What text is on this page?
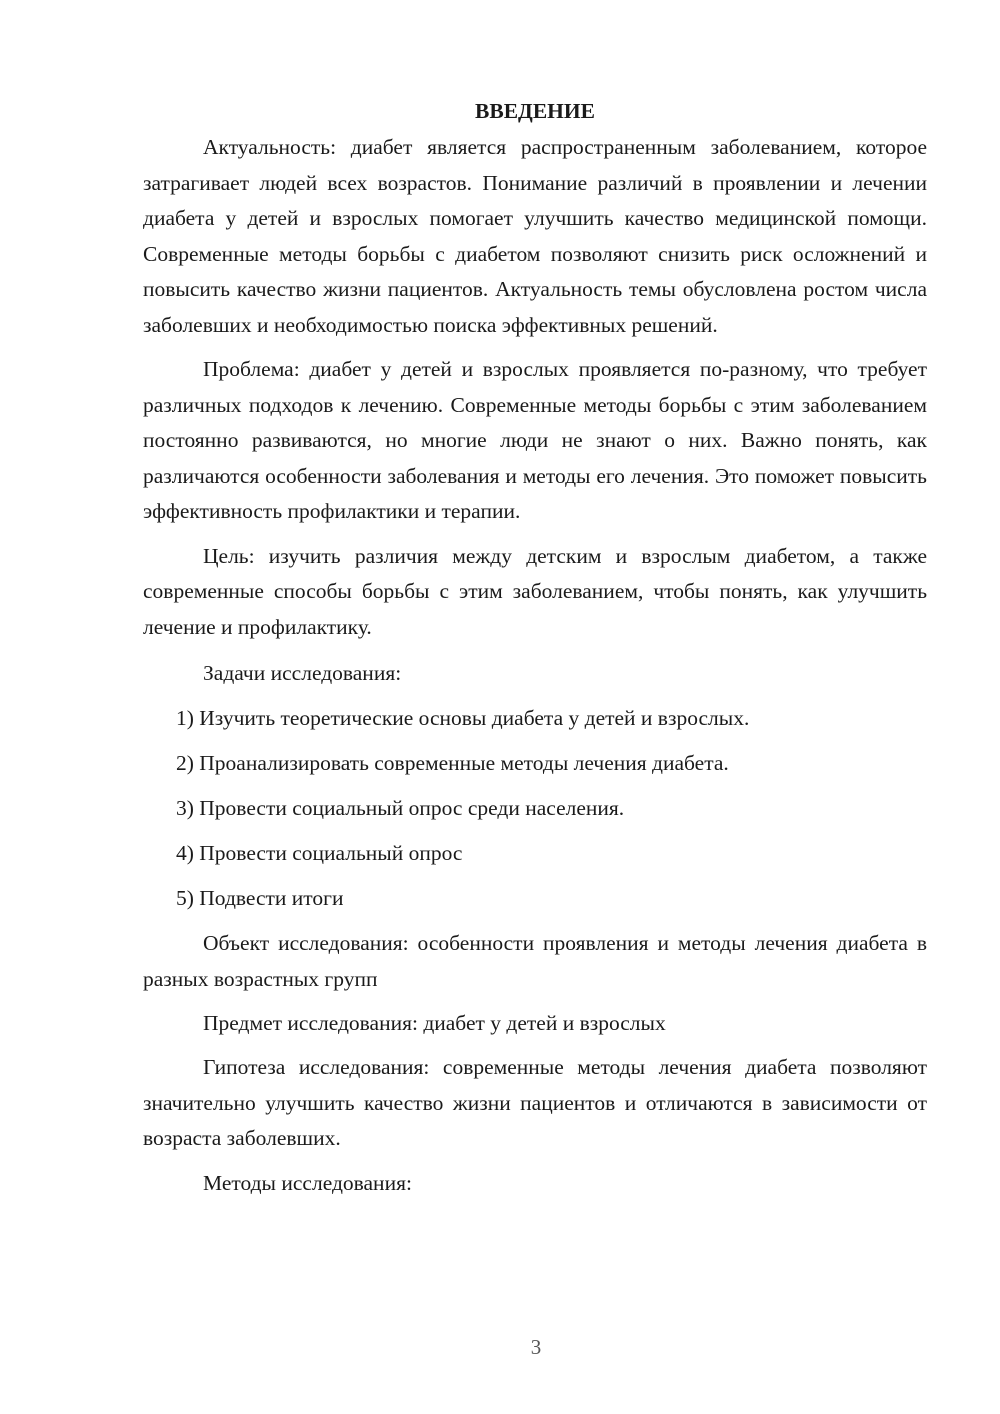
ВВЕДЕНИЕ

Актуальность: диабет является распространенным заболеванием, которое затрагивает людей всех возрастов. Понимание различий в проявлении и лечении диабета у детей и взрослых помогает улучшить качество медицинской помощи. Современные методы борьбы с диабетом позволяют снизить риск осложнений и повысить качество жизни пациентов. Актуальность темы обусловлена ростом числа заболевших и необходимостью поиска эффективных решений.

Проблема: диабет у детей и взрослых проявляется по-разному, что требует различных подходов к лечению. Современные методы борьбы с этим заболеванием постоянно развиваются, но многие люди не знают о них. Важно понять, как различаются особенности заболевания и методы его лечения. Это поможет повысить эффективность профилактики и терапии.

Цель: изучить различия между детским и взрослым диабетом, а также современные способы борьбы с этим заболеванием, чтобы понять, как улучшить лечение и профилактику.

Задачи исследования:
1) Изучить теоретические основы диабета у детей и взрослых.
2) Проанализировать современные методы лечения диабета.
3) Провести социальный опрос среди населения.
4) Провести социальный опрос
5) Подвести итоги

Объект исследования: особенности проявления и методы лечения диабета в разных возрастных групп

Предмет исследования: диабет у детей и взрослых

Гипотеза исследования: современные методы лечения диабета позволяют значительно улучшить качество жизни пациентов и отличаются в зависимости от возраста заболевших.

Методы исследования:
3
